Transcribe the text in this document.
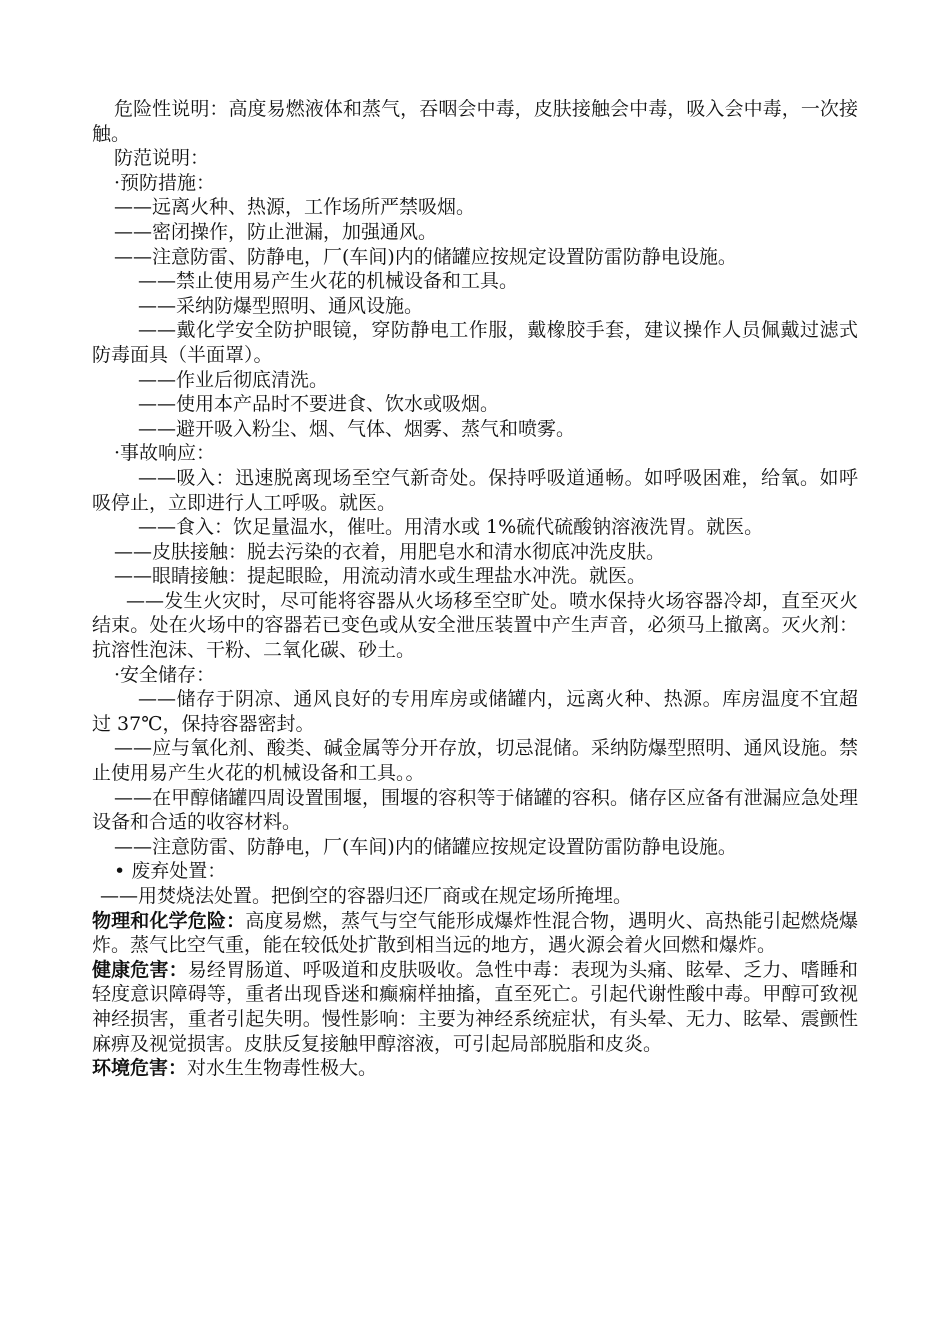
危险性说明：高度易燃液体和蒸气，吞咽会中毒，皮肤接触会中毒，吸入会中毒，一次接触。

防范说明：

·预防措施：

——远离火种、热源，工作场所严禁吸烟。

——密闭操作，防止泄漏，加强通风。

——注意防雷、防静电，厂(车间)内的储罐应按规定设置防雷防静电设施。

——禁止使用易产生火花的机械设备和工具。

——采纳防爆型照明、通风设施。

——戴化学安全防护眼镜，穿防静电工作服，戴橡胶手套，建议操作人员佩戴过滤式防毒面具（半面罩）。

——作业后彻底清洗。

——使用本产品时不要进食、饮水或吸烟。

——避开吸入粉尘、烟、气体、烟雾、蒸气和喷雾。

·事故响应：

——吸入：迅速脱离现场至空气新奇处。保持呼吸道通畅。如呼吸困难，给氧。如呼吸停止，立即进行人工呼吸。就医。

——食入：饮足量温水，催吐。用清水或 1%硫代硫酸钠溶液洗胃。就医。

——皮肤接触：脱去污染的衣着，用肥皂水和清水彻底冲洗皮肤。

——眼睛接触：提起眼睑，用流动清水或生理盐水冲洗。就医。

——发生火灾时，尽可能将容器从火场移至空旷处。喷水保持火场容器冷却，直至灭火结束。处在火场中的容器若已变色或从安全泄压装置中产生声音，必须马上撤离。灭火剂：抗溶性泡沫、干粉、二氧化碳、砂土。

·安全储存：

——储存于阴凉、通风良好的专用库房或储罐内，远离火种、热源。库房温度不宜超过 37℃，保持容器密封。

——应与氧化剂、酸类、碱金属等分开存放，切忌混储。采纳防爆型照明、通风设施。禁止使用易产生火花的机械设备和工具。。

——在甲醇储罐四周设置围堰，围堰的容积等于储罐的容积。储存区应备有泄漏应急处理设备和合适的收容材料。

——注意防雷、防静电，厂(车间)内的储罐应按规定设置防雷防静电设施。

• 废弃处置：

——用焚烧法处置。把倒空的容器归还厂商或在规定场所掩埋。

物理和化学危险：高度易燃，蒸气与空气能形成爆炸性混合物，遇明火、高热能引起燃烧爆炸。蒸气比空气重，能在较低处扩散到相当远的地方，遇火源会着火回燃和爆炸。

健康危害：易经胃肠道、呼吸道和皮肤吸收。急性中毒：表现为头痛、眩晕、乏力、嗜睡和轻度意识障碍等，重者出现昏迷和癫痫样抽搐，直至死亡。引起代谢性酸中毒。甲醇可致视神经损害，重者引起失明。慢性影响：主要为神经系统症状，有头晕、无力、眩晕、震颤性麻痹及视觉损害。皮肤反复接触甲醇溶液，可引起局部脱脂和皮炎。

环境危害：对水生生物毒性极大。
